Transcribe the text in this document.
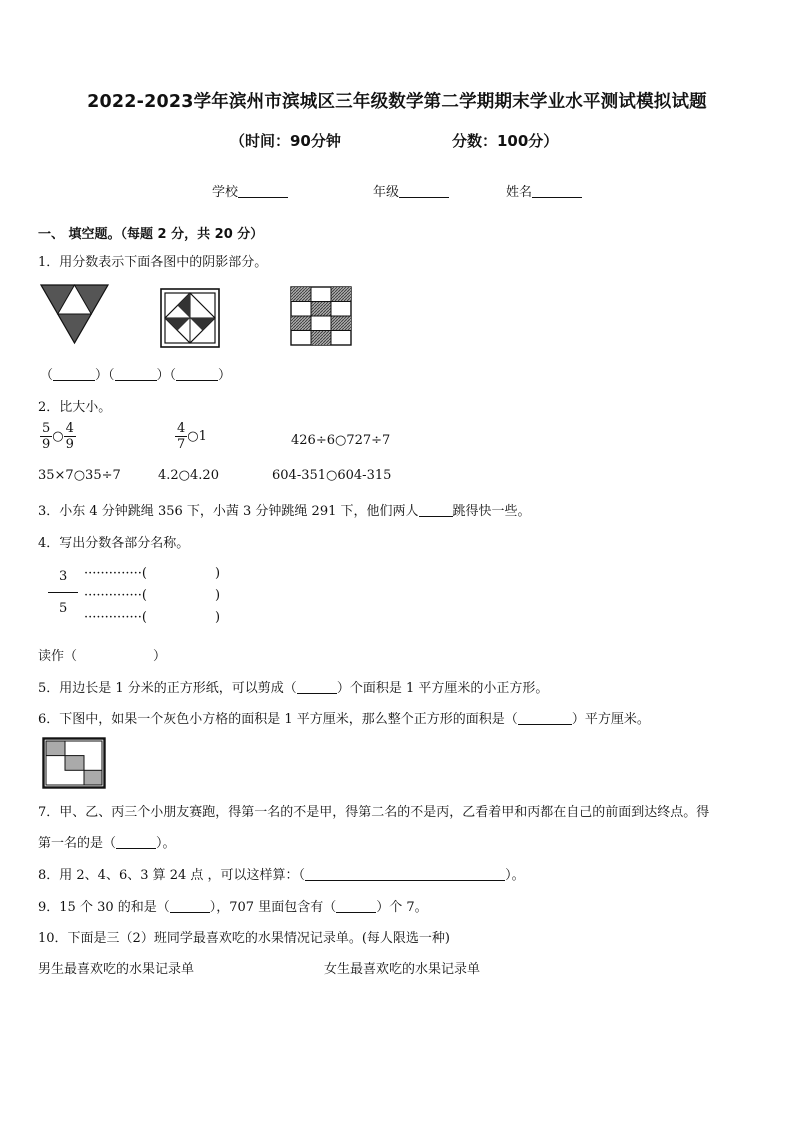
2022-2023学年滨州市滨城区三年级数学第二学期期末学业水平测试模拟试题
（时间：90分钟	分数：100分）
学校	年级	姓名
一、 填空题。（每题 2 分，共 20 分）
1．用分数表示下面各图中的阴影部分。
（	）（	）（	）
2．比大小。
$\frac{5}{9}$ ○ $\frac{4}{9}$	$\frac{4}{7}$ ○1	426÷6○727÷7
35×7○35÷7	4.2○4.20	604-351○604-315
3．小东 4 分钟跳绳 356 下，小茜 3 分钟跳绳 291 下，他们两人	跳得快一些。
4．写出分数各部分名称。
3
5
··············(	)
··············(	)
··············(	)
读作（	）
5．用边长是 1 分米的正方形纸，可以剪成（	）个面积是 1 平方厘米的小正方形。
6．下图中，如果一个灰色小方格的面积是 1 平方厘米，那么整个正方形的面积是（	）平方厘米。
7．甲、乙、丙三个小朋友赛跑，得第一名的不是甲，得第二名的不是丙，乙看着甲和丙都在自己的前面到达终点。得
第一名的是（	）。
8．用 2、4、6、3 算 24 点 ，可以这样算：（	）。
9．15 个 30 的和是（	），707 里面包含有（	）个 7。
10．下面是三（2）班同学最喜欢吃的水果情况记录单。(每人限选一种)
男生最喜欢吃的水果记录单	女生最喜欢吃的水果记录单
